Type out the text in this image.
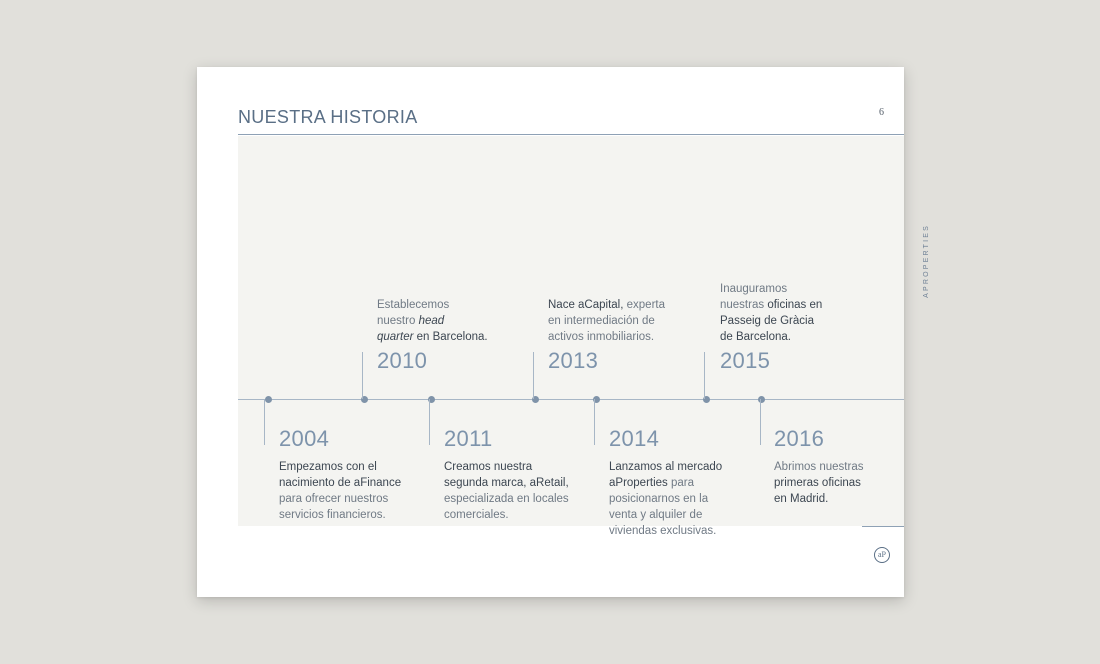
NUESTRA HISTORIA	6
APROPERTIES
2004
Empezamos con el
nacimiento de aFinance
para ofrecer nuestros
servicios financieros.
2010
Establecemos
nuestro head
quarter en Barcelona.
2011
Creamos nuestra
segunda marca, aRetail,
especializada en locales
comerciales.
2013
Nace aCapital, experta
en intermediación de
activos inmobiliarios.
2014
Lanzamos al mercado
aProperties para
posicionarnos en la
venta y alquiler de
viviendas exclusivas.
2015
Inauguramos
nuestras oficinas en
Passeig de Gràcia
de Barcelona.
2016
Abrimos nuestras
primeras oficinas
en Madrid.
aP
